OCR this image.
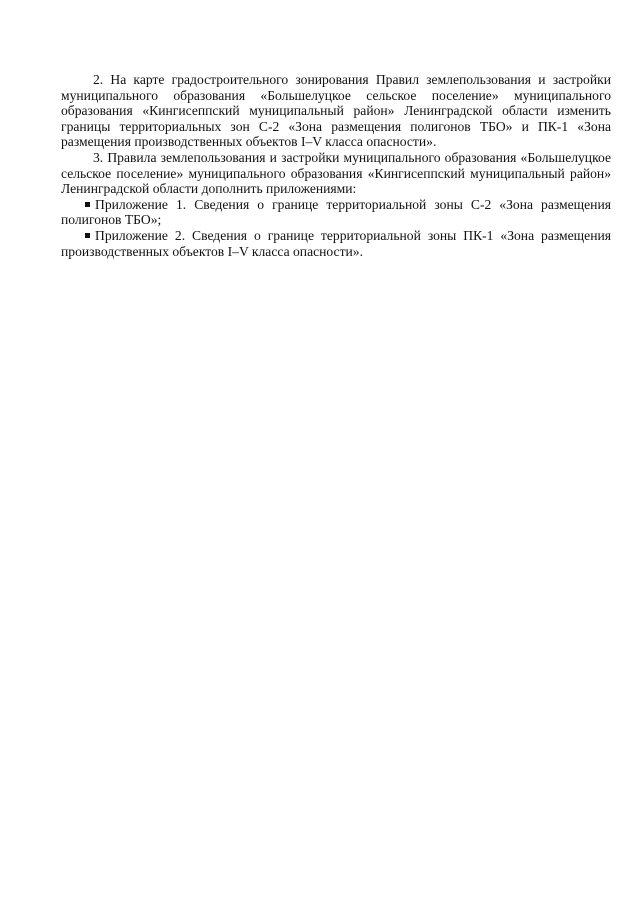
2. На карте градостроительного зонирования Правил землепользования и застройки муниципального образования «Большелуцкое сельское поселение» муниципального образования «Кингисеппский муниципальный район» Ленинградской области изменить границы территориальных зон С-2 «Зона размещения полигонов ТБО» и ПК-1 «Зона размещения производственных объектов I–V класса опасности».

3. Правила землепользования и застройки муниципального образования «Большелуцкое сельское поселение» муниципального образования «Кингисеппский муниципальный район» Ленинградской области дополнить приложениями:

Приложение 1. Сведения о границе территориальной зоны С-2 «Зона размещения полигонов ТБО»;
Приложение 2. Сведения о границе территориальной зоны ПК-1 «Зона размещения производственных объектов I–V класса опасности».
